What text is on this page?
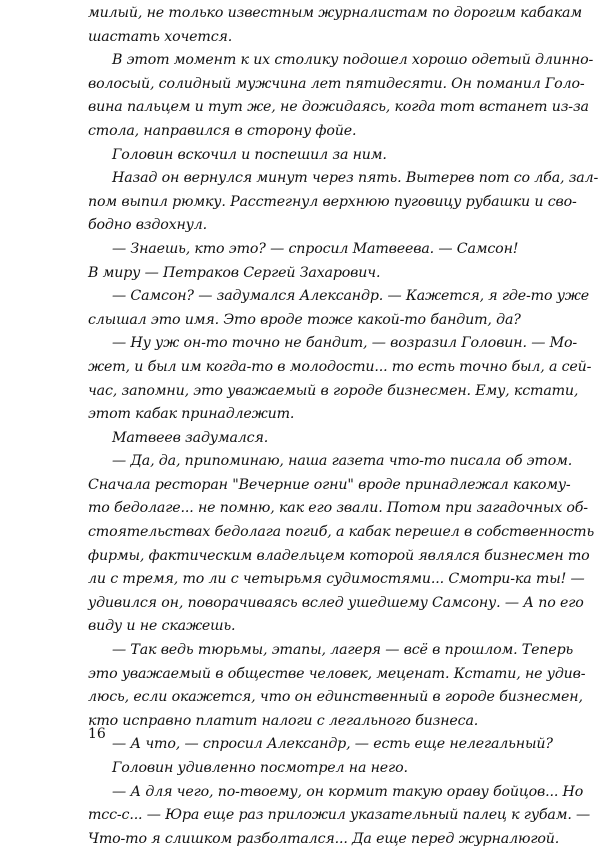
милый, не только известным журналистам по дорогим кабакам
шастать хочется.
В этот момент к их столику подошел хорошо одетый длинно-
волосый, солидный мужчина лет пятидесяти. Он поманил Голо-
вина пальцем и тут же, не дожидаясь, когда тот встанет из-за
стола, направился в сторону фойе.
Головин вскочил и поспешил за ним.
Назад он вернулся минут через пять. Вытерев пот со лба, зал-
пом выпил рюмку. Расстегнул верхнюю пуговицу рубашки и сво-
бодно вздохнул.
— Знаешь, кто это? — спросил Матвеева. — Самсон!
В миру — Петраков Сергей Захарович.
— Самсон? — задумался Александр. — Кажется, я где-то уже
слышал это имя. Это вроде тоже какой-то бандит, да?
— Ну уж он-то точно не бандит, — возразил Головин. — Мо-
жет, и был им когда-то в молодости... то есть точно был, а сей-
час, запомни, это уважаемый в городе бизнесмен. Ему, кстати,
этот кабак принадлежит.
Матвеев задумался.
— Да, да, припоминаю, наша газета что-то писала об этом.
Сначала ресторан "Вечерние огни" вроде принадлежал какому-
то бедолаге... не помню, как его звали. Потом при загадочных об-
стоятельствах бедолага погиб, а кабак перешел в собственность
фирмы, фактическим владельцем которой являлся бизнесмен то
ли с тремя, то ли с четырьмя судимостями... Смотри-ка ты! —
удивился он, поворачиваясь вслед ушедшему Самсону. — А по его
виду и не скажешь.
— Так ведь тюрьмы, этапы, лагеря — всё в прошлом. Теперь
это уважаемый в обществе человек, меценат. Кстати, не удив-
люсь, если окажется, что он единственный в городе бизнесмен,
кто исправно платит налоги с легального бизнеса.
— А что, — спросил Александр, — есть еще нелегальный?
Головин удивленно посмотрел на него.
— А для чего, по-твоему, он кормит такую ораву бойцов... Но
тсс-с... — Юра еще раз приложил указательный палец к губам. —
Что-то я слишком разболтался... Да еще перед журналюгой.
16
